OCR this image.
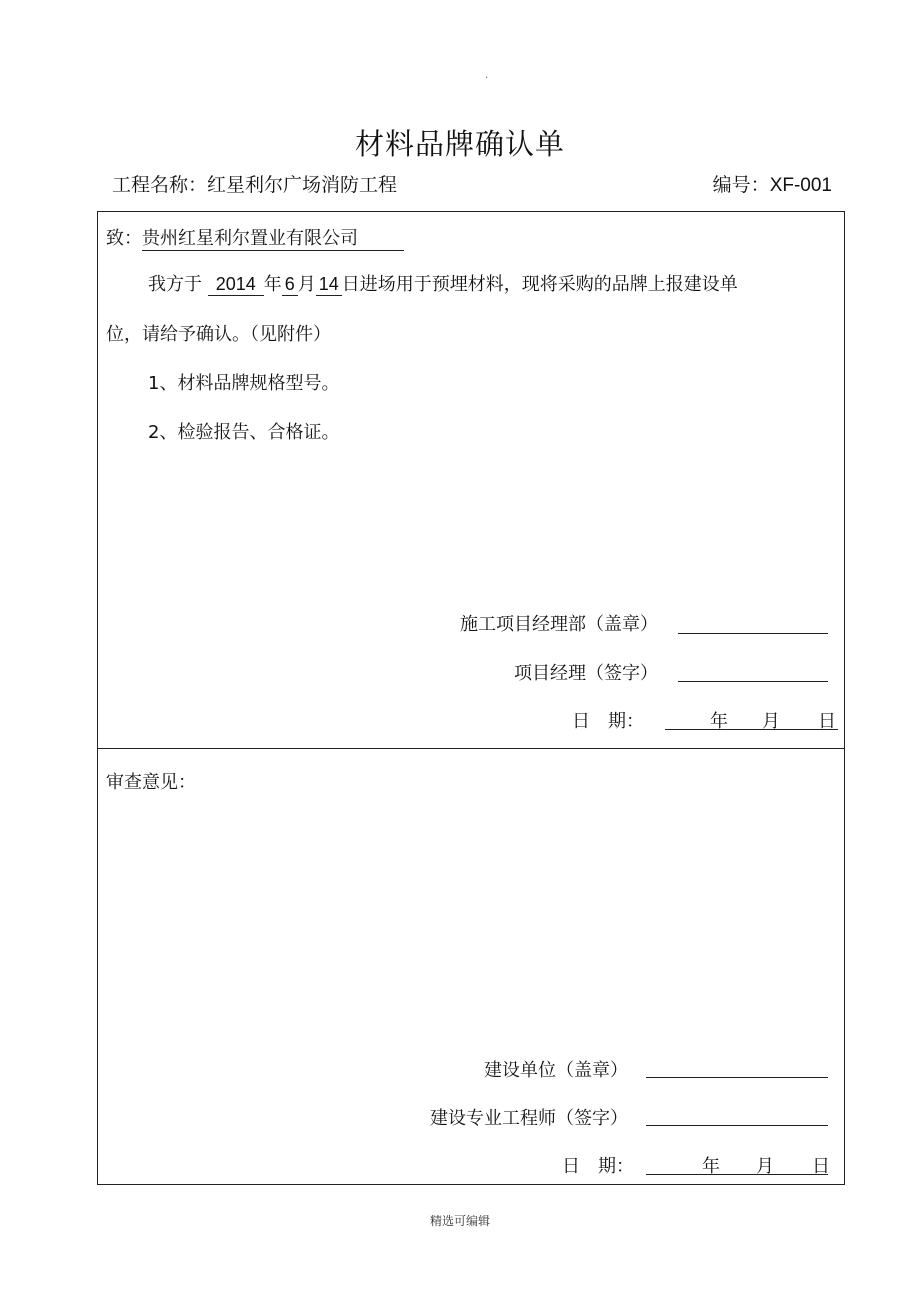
.
材料品牌确认单
工程名称：红星利尔广场消防工程	编号：XF-001
致：贵州红星利尔置业有限公司
我方于 2014 年 6 月 14 日进场用于预埋材料，现将采购的品牌上报建设单
位，请给予确认。（见附件）
1、材料品牌规格型号。
2、检验报告、合格证。
施工项目经理部（盖章）
项目经理（签字）
日　期：	年 月 日
审查意见：
建设单位（盖章）
建设专业工程师（签字）
日　期：	年 月 日
精选可编辑
